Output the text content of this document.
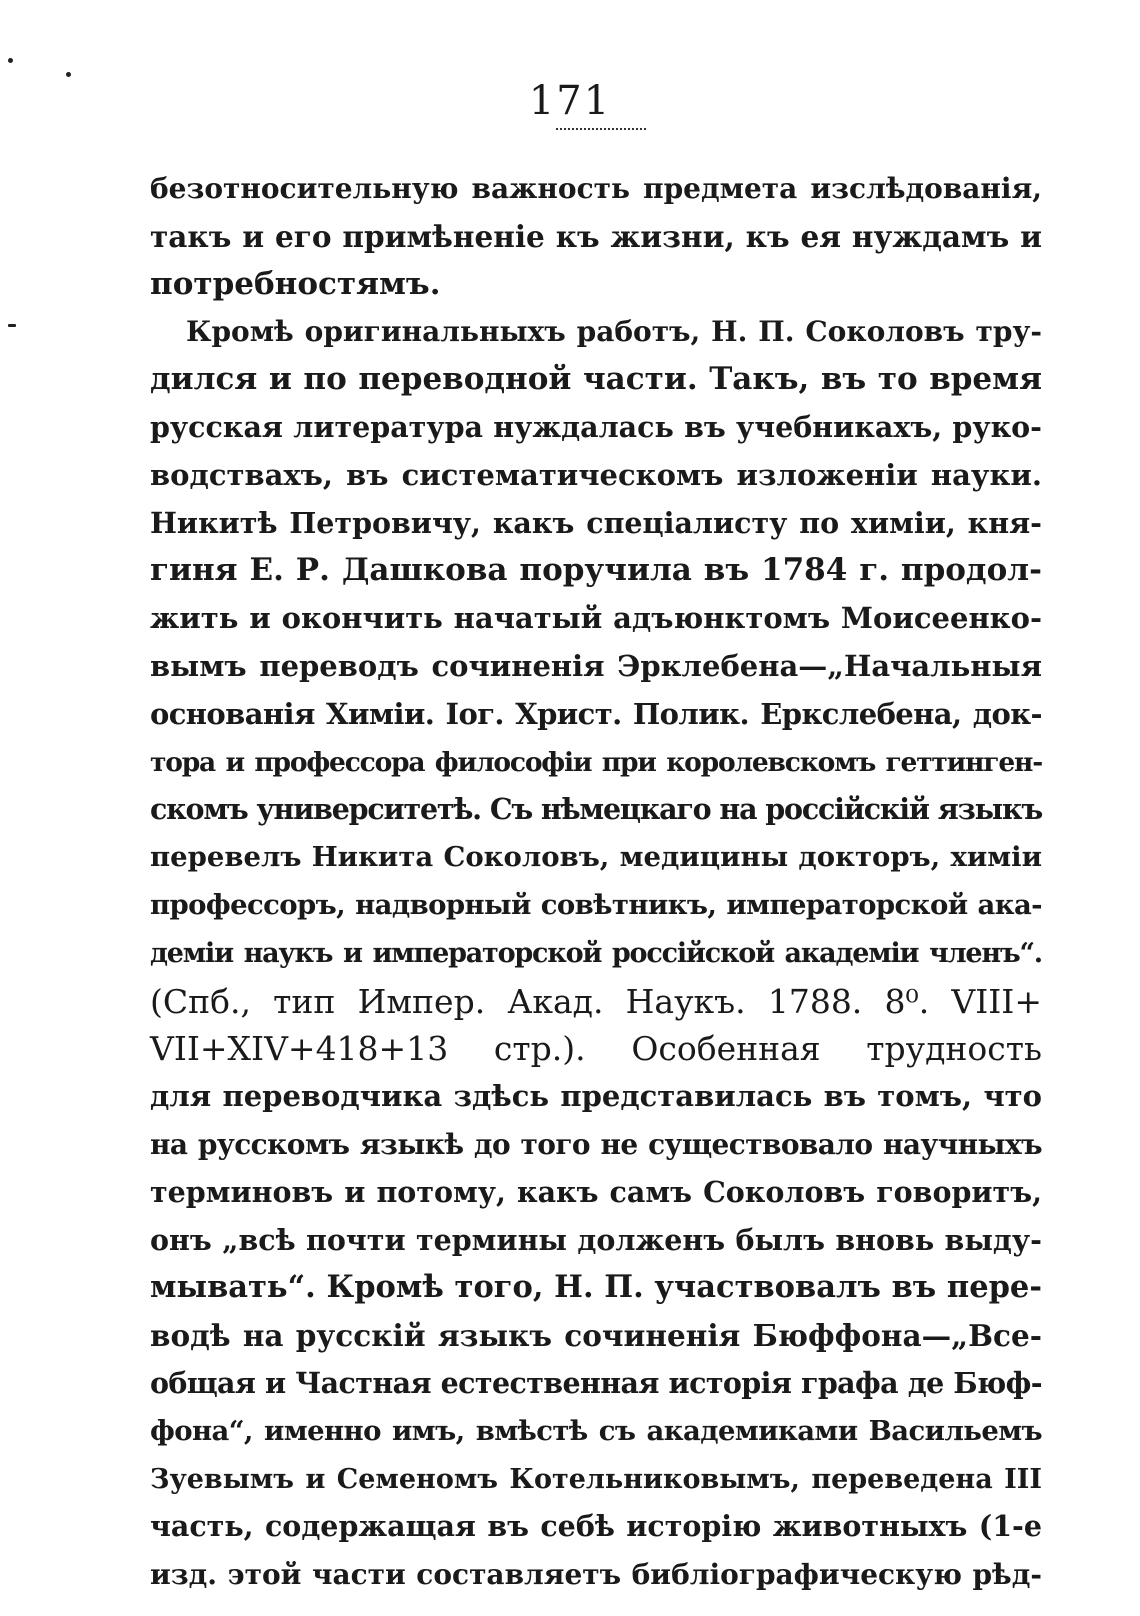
171
безотносительную важность предмета изслѣдованія,
такъ и его примѣненіе къ жизни, къ ея нуждамъ и
потребностямъ.
Кромѣ оригинальныхъ работъ, Н. П. Соколовъ тру-
дился и по переводной части. Такъ, въ то время
русская литература нуждалась въ учебникахъ, руко-
водствахъ, въ систематическомъ изложеніи науки.
Никитѣ Петровичу, какъ спеціалисту по химіи, кня-
гиня Е. Р. Дашкова поручила въ 1784 г. продол-
жить и окончить начатый адъюнктомъ Моисеенко-
вымъ переводъ сочиненія Эрклебена—„Начальныя
основанія Химіи. Іог. Христ. Полик. Еркслебена, док-
тора и профессора философіи при королевскомъ геттинген-
скомъ университетѣ. Съ нѣмецкаго на россійскій языкъ
перевелъ Никита Соколовъ, медицины докторъ, химіи
профессоръ, надворный совѣтникъ, императорской ака-
деміи наукъ и императорской россійской академіи членъ“.
(Спб., тип Импер. Акад. Наукъ. 1788. 8⁰. VIII+
VII+XIV+418+13 стр.). Особенная трудность
для переводчика здѣсь представилась въ томъ, что
на русскомъ языкѣ до того не существовало научныхъ
терминовъ и потому, какъ самъ Соколовъ говоритъ,
онъ „всѣ почти термины долженъ былъ вновь выду-
мывать“. Кромѣ того, Н. П. участвовалъ въ пере-
водѣ на русскій языкъ сочиненія Бюффона—„Все-
общая и Частная естественная исторія графа де Бюф-
фона“, именно имъ, вмѣстѣ съ академиками Васильемъ
Зуевымъ и Семеномъ Котельниковымъ, переведена III
часть, содержащая въ себѣ исторію животныхъ (1-е
изд. этой части составляетъ библіографическую рѣд-
